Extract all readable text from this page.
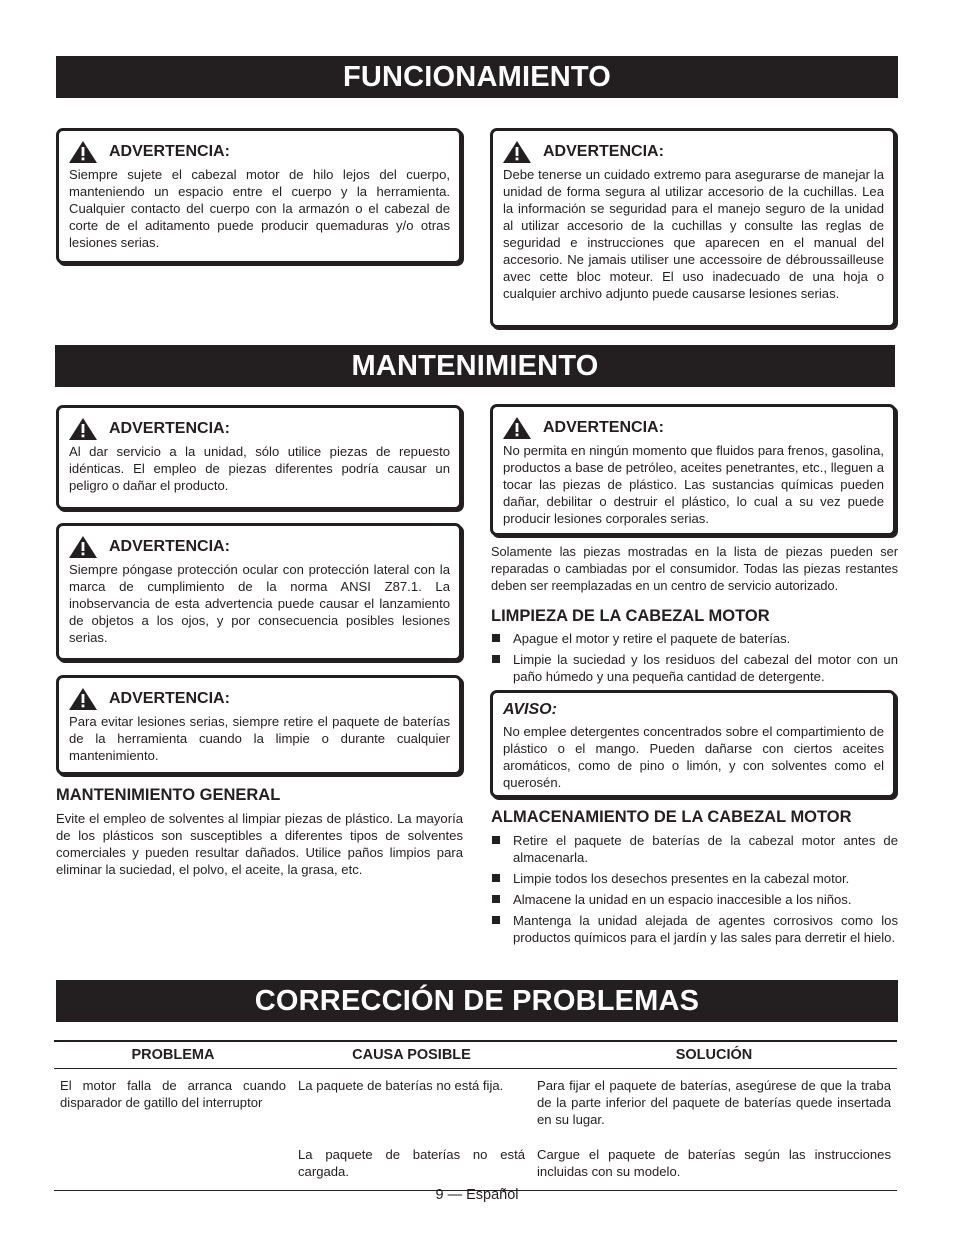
FUNCIONAMIENTO
ADVERTENCIA:

Siempre sujete el cabezal motor de hilo lejos del cuerpo, manteniendo un espacio entre el cuerpo y la herramienta. Cualquier contacto del cuerpo con la armazón o el cabezal de corte de el aditamento puede producir quemaduras y/o otras lesiones serias.

ADVERTENCIA:

Debe tenerse un cuidado extremo para asegurarse de manejar la unidad de forma segura al utilizar accesorio de la cuchillas. Lea la información se seguridad para el manejo seguro de la unidad al utilizar accesorio de la cuchillas y consulte las reglas de seguridad e instrucciones que aparecen en el manual del accesorio. Ne jamais utiliser une accessoire de débroussailleuse avec cette bloc moteur. El uso inadecuado de una hoja o cualquier archivo adjunto puede causarse lesiones serias.

MANTENIMIENTO
ADVERTENCIA:

Al dar servicio a la unidad, sólo utilice piezas de repuesto idénticas. El empleo de piezas diferentes podría causar un peligro o dañar el producto.

ADVERTENCIA:

Siempre póngase protección ocular con protección lateral con la marca de cumplimiento de la norma ANSI Z87.1. La inobservancia de esta advertencia puede causar el lanzamiento de objetos a los ojos, y por consecuencia posibles lesiones serias.

ADVERTENCIA:

Para evitar lesiones serias, siempre retire el paquete de baterías de la herramienta cuando la limpie o durante cualquier mantenimiento.

MANTENIMIENTO GENERAL

Evite el empleo de solventes al limpiar piezas de plástico. La mayoría de los plásticos son susceptibles a diferentes tipos de solventes comerciales y pueden resultar dañados. Utilice paños limpios para eliminar la suciedad, el polvo, el aceite, la grasa, etc.

ADVERTENCIA:

No permita en ningún momento que fluidos para frenos, gasolina, productos a base de petróleo, aceites penetrantes, etc., lleguen a tocar las piezas de plástico. Las sustancias químicas pueden dañar, debilitar o destruir el plástico, lo cual a su vez puede producir lesiones corporales serias.

Solamente las piezas mostradas en la lista de piezas pueden ser reparadas o cambiadas por el consumidor. Todas las piezas restantes deben ser reemplazadas en un centro de servicio autorizado.

LIMPIEZA DE LA CABEZAL MOTOR
Apague el motor y retire el paquete de baterías.
Limpie la suciedad y los residuos del cabezal del motor con un paño húmedo y una pequeña cantidad de detergente.
AVISO:

No emplee detergentes concentrados sobre el compartimiento de plástico o el mango. Pueden dañarse con ciertos aceites aromáticos, como de pino o limón, y con solventes como el querosén.

ALMACENAMIENTO DE LA CABEZAL MOTOR
Retire el paquete de baterías de la cabezal motor antes de almacenarla.
Limpie todos los desechos presentes en la cabezal motor.
Almacene la unidad en un espacio inaccesible a los niños.
Mantenga la unidad alejada de agentes corrosivos como los productos químicos para el jardín y las sales para derretir el hielo.
CORRECCIÓN DE PROBLEMAS
PROBLEMA	CAUSA POSIBLE	SOLUCIÓN
El motor falla de arranca cuando disparador de gatillo del interruptor	La paquete de baterías no está fija.	Para fijar el paquete de baterías, asegúrese de que la traba de la parte inferior del paquete de baterías quede insertada en su lugar.
	La paquete de baterías no está cargada.	Cargue el paquete de baterías según las instrucciones incluidas con su modelo.
9 — Español
